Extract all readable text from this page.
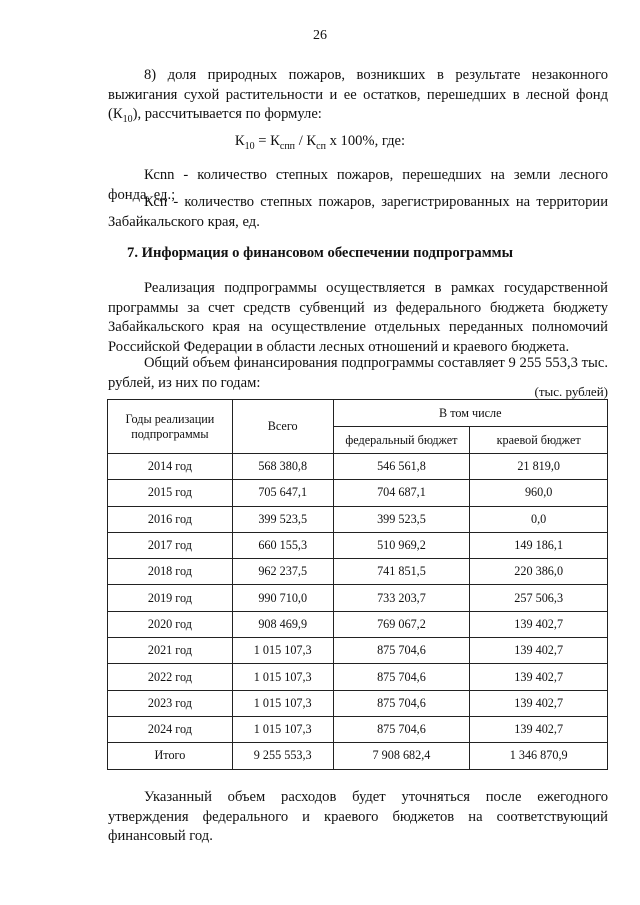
26
8) доля природных пожаров, возникших в результате незаконного выжигания сухой растительности и ее остатков, перешедших в лесной фонд $(К_{10})$, рассчитывается по формуле:
$К_{10} = К_{спп} / К_{сп}$ х 100%, где:
Ксnn - количество степных пожаров, перешедших на земли лесного фонда, ед.;
Ксn - количество степных пожаров, зарегистрированных на территории Забайкальского края, ед.
7. Информация о финансовом обеспечении подпрограммы
Реализация подпрограммы осуществляется в рамках государственной программы за счет средств субвенций из федерального бюджета бюджету Забайкальского края на осуществление отдельных переданных полномочий Российской Федерации в области лесных отношений и краевого бюджета.
Общий объем финансирования подпрограммы составляет 9 255 553,3 тыс. рублей, из них по годам:
(тыс. рублей)
Годы реализации подпрограммы	Всего	В том числе	
		федеральный бюджет	краевой бюджет
2014 год	568 380,8	546 561,8	21 819,0
2015 год	705 647,1	704 687,1	960,0
2016 год	399 523,5	399 523,5	0,0
2017 год	660 155,3	510 969,2	149 186,1
2018 год	962 237,5	741 851,5	220 386,0
2019 год	990 710,0	733 203,7	257 506,3
2020 год	908 469,9	769 067,2	139 402,7
2021 год	1 015 107,3	875 704,6	139 402,7
2022 год	1 015 107,3	875 704,6	139 402,7
2023 год	1 015 107,3	875 704,6	139 402,7
2024 год	1 015 107,3	875 704,6	139 402,7
Итого	9 255 553,3	7 908 682,4	1 346 870,9
Указанный объем расходов будет уточняться после ежегодного утверждения федерального и краевого бюджетов на соответствующий финансовый год.
